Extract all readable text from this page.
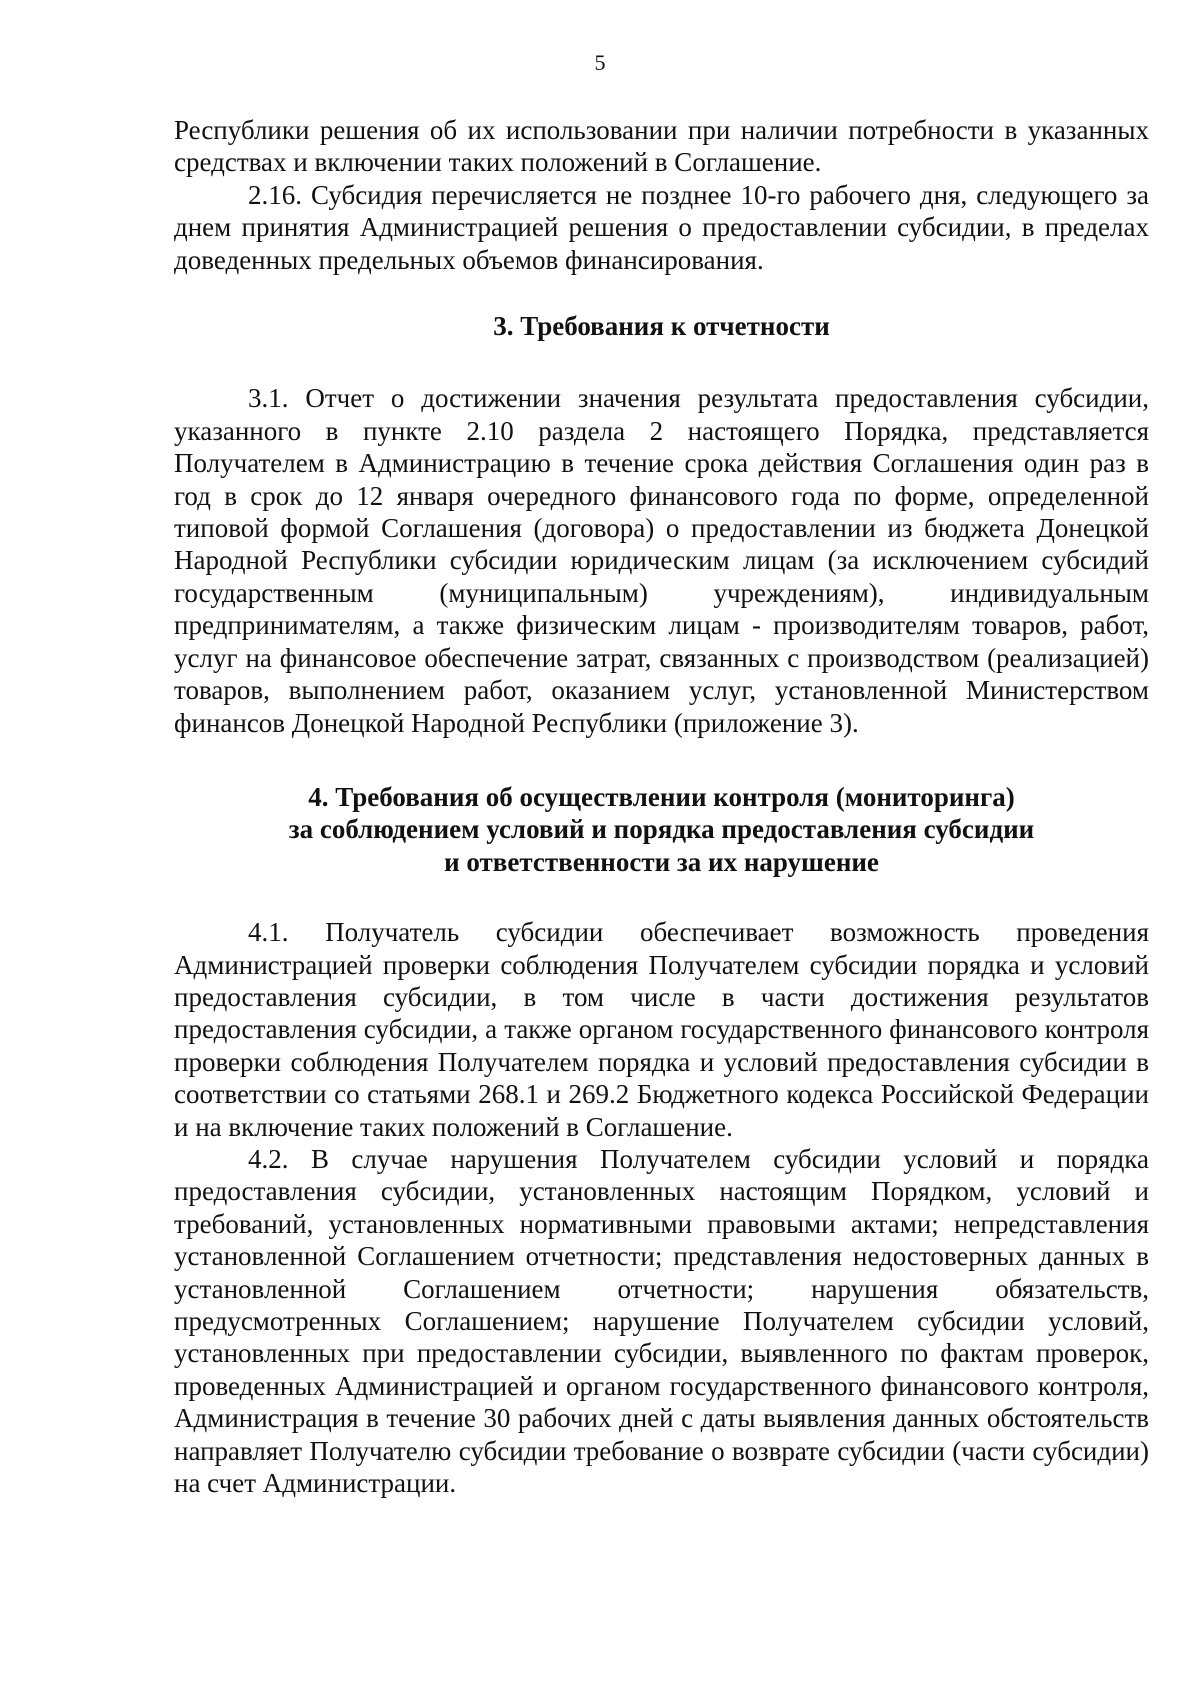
5

Республики решения об их использовании при наличии потребности в указанных средствах и включении таких положений в Соглашение.

2.16. Субсидия перечисляется не позднее 10-го рабочего дня, следующего за днем принятия Администрацией решения о предоставлении субсидии, в пределах доведенных предельных объемов финансирования.

3. Требования к отчетности

3.1. Отчет о достижении значения результата предоставления субсидии, указанного в пункте 2.10 раздела 2 настоящего Порядка, представляется Получателем в Администрацию в течение срока действия Соглашения один раз в год в срок до 12 января очередного финансового года по форме, определенной типовой формой Соглашения (договора) о предоставлении из бюджета Донецкой Народной Республики субсидии юридическим лицам (за исключением субсидий государственным (муниципальным) учреждениям), индивидуальным предпринимателям, а также физическим лицам - производителям товаров, работ, услуг на финансовое обеспечение затрат, связанных с производством (реализацией) товаров, выполнением работ, оказанием услуг, установленной Министерством финансов Донецкой Народной Республики (приложение 3).

4. Требования об осуществлении контроля (мониторинга)
за соблюдением условий и порядка предоставления субсидии
и ответственности за их нарушение

4.1. Получатель субсидии обеспечивает возможность проведения Администрацией проверки соблюдения Получателем субсидии порядка и условий предоставления субсидии, в том числе в части достижения результатов предоставления субсидии, а также органом государственного финансового контроля проверки соблюдения Получателем порядка и условий предоставления субсидии в соответствии со статьями 268.1 и 269.2 Бюджетного кодекса Российской Федерации и на включение таких положений в Соглашение.

4.2. В случае нарушения Получателем субсидии условий и порядка предоставления субсидии, установленных настоящим Порядком, условий и требований, установленных нормативными правовыми актами; непредставления установленной Соглашением отчетности; представления недостоверных данных в установленной Соглашением отчетности; нарушения обязательств, предусмотренных Соглашением; нарушение Получателем субсидии условий, установленных при предоставлении субсидии, выявленного по фактам проверок, проведенных Администрацией и органом государственного финансового контроля, Администрация в течение 30 рабочих дней с даты выявления данных обстоятельств направляет Получателю субсидии требование о возврате субсидии (части субсидии) на счет Администрации.
